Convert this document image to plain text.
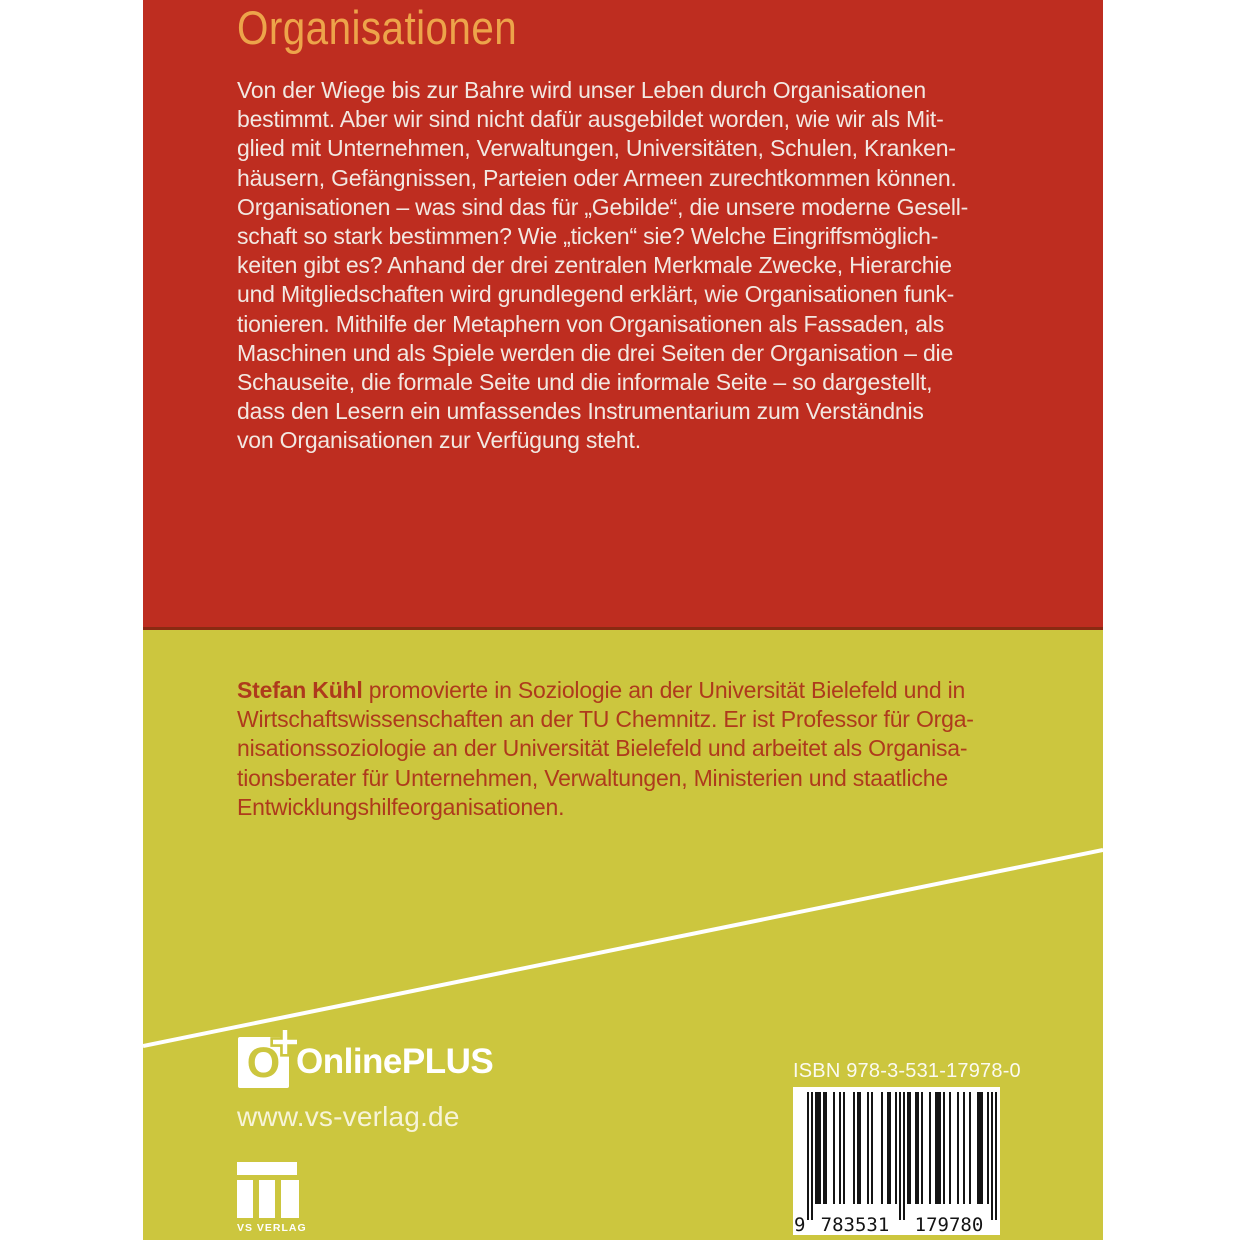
Organisationen
Von der Wiege bis zur Bahre wird unser Leben durch Organisationen
bestimmt. Aber wir sind nicht dafür ausgebildet worden, wie wir als Mit-
glied mit Unternehmen, Verwaltungen, Universitäten, Schulen, Kranken-
häusern, Gefängnissen, Parteien oder Armeen zurechtkommen können.
Organisationen – was sind das für „Gebilde“, die unsere moderne Gesell-
schaft so stark bestimmen? Wie „ticken“ sie? Welche Eingriffsmöglich-
keiten gibt es? Anhand der drei zentralen Merkmale Zwecke, Hierarchie
und Mitgliedschaften wird grundlegend erklärt, wie Organisationen funk-
tionieren. Mithilfe der Metaphern von Organisationen als Fassaden, als
Maschinen und als Spiele werden die drei Seiten der Organisation – die
Schauseite, die formale Seite und die informale Seite – so dargestellt,
dass den Lesern ein umfassendes Instrumentarium zum Verständnis
von Organisationen zur Verfügung steht.
Stefan Kühl promovierte in Soziologie an der Universität Bielefeld und in
Wirtschaftswissenschaften an der TU Chemnitz. Er ist Professor für Orga-
nisationssoziologie an der Universität Bielefeld und arbeitet als Organisa-
tionsberater für Unternehmen, Verwaltungen, Ministerien und staatliche
Entwicklungshilfeorganisationen.
O OnlinePLUS
www.vs-verlag.de
VS VERLAG
ISBN 978-3-531-17978-0
9 783531 179780
